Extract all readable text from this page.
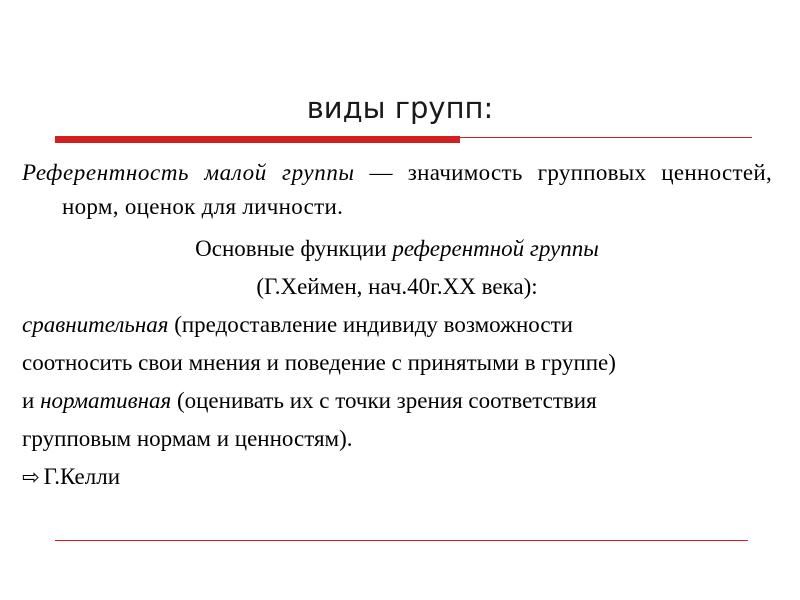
виды групп:

Референтность малой группы — значимость групповых ценностей, норм, оценок для личности.

Основные функции референтной группы

(Г.Хеймен, нач.40г.XX века):

сравнительная (предоставление индивиду возможности

соотносить свои мнения и поведение с принятыми в группе)

и нормативная (оценивать их с точки зрения соответствия

групповым нормам и ценностям).

⇨ Г.Келли
